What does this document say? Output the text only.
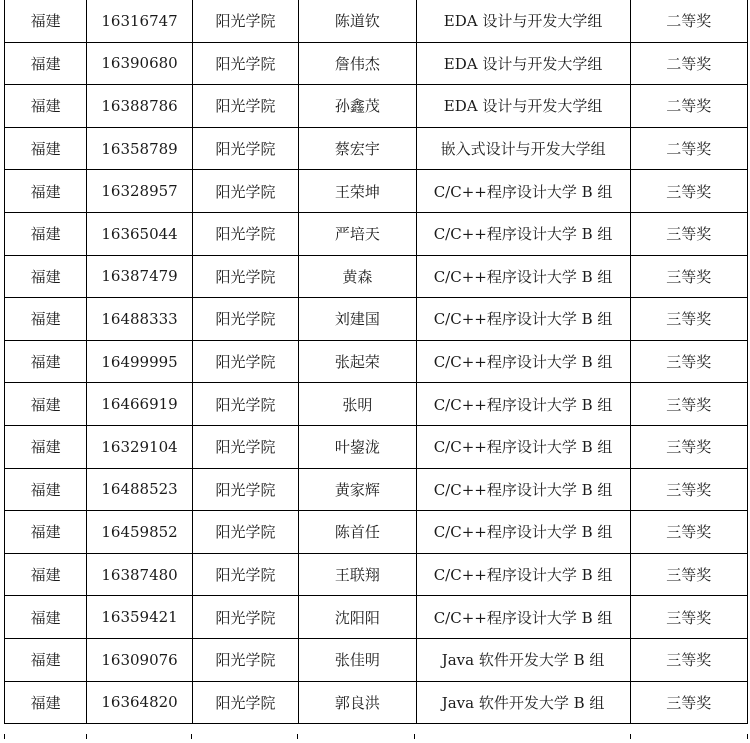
福建	16316747	阳光学院	陈道钦	EDA 设计与开发大学组	二等奖
福建	16390680	阳光学院	詹伟杰	EDA 设计与开发大学组	二等奖
福建	16388786	阳光学院	孙鑫茂	EDA 设计与开发大学组	二等奖
福建	16358789	阳光学院	蔡宏宇	嵌入式设计与开发大学组	二等奖
福建	16328957	阳光学院	王荣坤	C/C++程序设计大学 B 组	三等奖
福建	16365044	阳光学院	严培天	C/C++程序设计大学 B 组	三等奖
福建	16387479	阳光学院	黄森	C/C++程序设计大学 B 组	三等奖
福建	16488333	阳光学院	刘建国	C/C++程序设计大学 B 组	三等奖
福建	16499995	阳光学院	张起荣	C/C++程序设计大学 B 组	三等奖
福建	16466919	阳光学院	张明	C/C++程序设计大学 B 组	三等奖
福建	16329104	阳光学院	叶鋆泷	C/C++程序设计大学 B 组	三等奖
福建	16488523	阳光学院	黄家辉	C/C++程序设计大学 B 组	三等奖
福建	16459852	阳光学院	陈首任	C/C++程序设计大学 B 组	三等奖
福建	16387480	阳光学院	王联翔	C/C++程序设计大学 B 组	三等奖
福建	16359421	阳光学院	沈阳阳	C/C++程序设计大学 B 组	三等奖
福建	16309076	阳光学院	张佳明	Java 软件开发大学 B 组	三等奖
福建	16364820	阳光学院	郭良洪	Java 软件开发大学 B 组	三等奖
